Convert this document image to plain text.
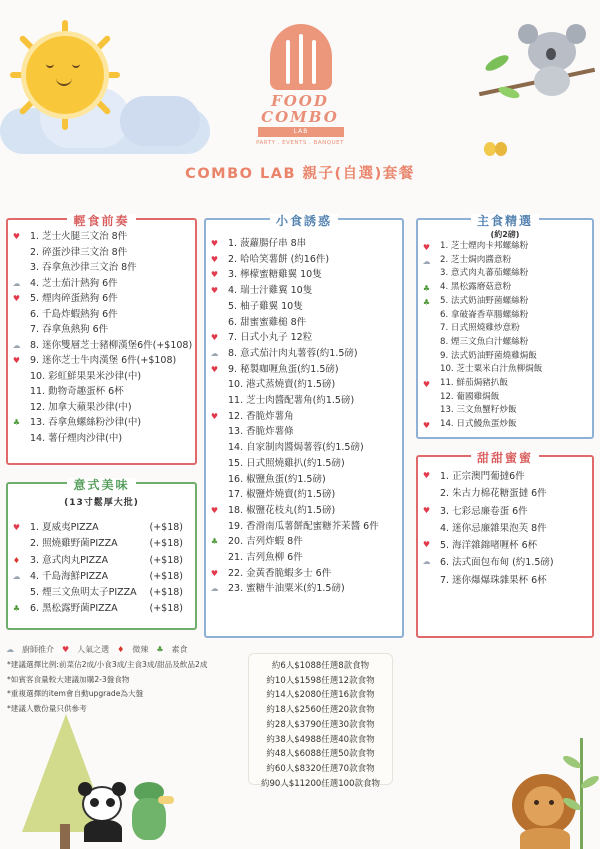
FOOD
COMBO
LAB
PARTY . EVENTS . BANQUET
COMBO LAB 親子(自選)套餐
輕食前奏
♥ 1. 芝士火腿三文治 8件
2. 碎蛋沙律三文治 8件
3. 吞拿魚沙律三文治 8件
☁ 4. 芝士茄汁熱狗 6件
♥ 5. 煙肉碎蛋熱狗 6件
6. 千島炸蝦熱狗 6件
7. 吞拿魚熱狗 6件
☁ 8. 迷你雙層芝士豬柳漢堡6件(+$108)
♥ 9. 迷你芝士牛肉漢堡 6件(+$108)
10. 彩虹鮮果果米沙律(中)
11. 動物奇趣蛋杯 6杯
12. 加拿大蘋果沙律(中)
♣ 13. 吞拿魚螺絲粉沙律(中)
14. 薯仔煙肉沙律(中)
意式美味
(13寸鬆厚大批)
♥ 1. 夏威夷PIZZA	(+$18)
2. 照燒雞野菌PIZZA	(+$18)
♦ 3. 意式肉丸PIZZA	(+$18)
☁ 4. 千島海鮮PIZZA	(+$18)
5. 煙三文魚明太子PIZZA (+$18)
♣ 6. 黑松露野菌PIZZA	(+$18)
小食誘惑
♥ 1. 菠蘿腸仔串 8串
♥ 2. 哈哈笑薯餅 (約16件)
♥ 3. 檸檬蜜糖雞翼 10隻
♥ 4. 瑞士汁雞翼 10隻
5. 柚子雞翼 10隻
6. 甜蜜蜜雞槌 8件
♥ 7. 日式小丸子 12粒
☁ 8. 意式茄汁肉丸薯蓉(約1.5磅)
♥ 9. 秘製咖喱魚蛋(約1.5磅)
10. 港式蒸燒賣(約1.5磅)
11. 芝士肉醬配薯角(約1.5磅)
♥ 12. 香脆炸薯角
13. 香脆炸薯條
14. 自家制肉醬焗薯蓉(約1.5磅)
15. 日式照燒雞扒(約1.5磅)
16. 椒鹽魚蛋(約1.5磅)
17. 椒鹽炸燒賣(約1.5磅)
♥ 18. 椒鹽花枝丸(約1.5磅)
19. 香滑南瓜薯餅配蜜糖芥茉醬 6件
♣ 20. 吉列炸蝦 8件
21. 吉列魚柳 6件
♥ 22. 金黃香脆蝦多士 6件
☁ 23. 蜜糖牛油粟米(約1.5磅)
主食精選
(約2磅)
♥ 1. 芝士煙肉卡邦螺絲粉
☁ 2. 芝士焗肉醬意粉
3. 意式肉丸蕃茄螺絲粉
♣ 4. 黑松露磨菇意粉
♣ 5. 法式奶油野菌螺絲粉
6. 拿破崙香草腸螺絲粉
7. 日式照燒雞炒意粉
8. 煙三文魚白汁螺絲粉
9. 法式奶油野菌燒雞焗飯
10. 芝士粟米白汁魚柳焗飯
♥ 11. 鮮茄焗豬扒飯
12. 葡國雞焗飯
13. 三文魚蟹籽炒飯
♥ 14. 日式鰻魚蛋炒飯
甜甜蜜蜜
♥ 1. 正宗澳門葡撻6件
2. 朱古力棉花糖蛋撻 6件
♥ 3. 七彩忌廉卷蛋 6件
4. 迷你忌廉雜果泡芙 8件
♥ 5. 海洋雜錦啫喱杯 6杯
☁ 6. 法式面包布甸 (約1.5磅)
7. 迷你爆爆珠雜果杯 6杯
☁ 廚師推介 ♥ 人氣之選 ♦ 微辣 ♣ 素食
*建議選擇比例:前菜佔2成/小食3成/主食3成/甜品及飲品2成
*如賓客食量較大建議加購2-3盤食物
*重複選擇的item會自動upgrade為大盤
*建議人數份量只供參考
約6人$1088任選8款食物
約10人$1598任選12款食物
約14人$2080任選16款食物
約18人$2560任選20款食物
約28人$3790任選30款食物
約38人$4988任選40款食物
約48人$6088任選50款食物
約60人$8320任選70款食物
約90人$11200任選100款食物
